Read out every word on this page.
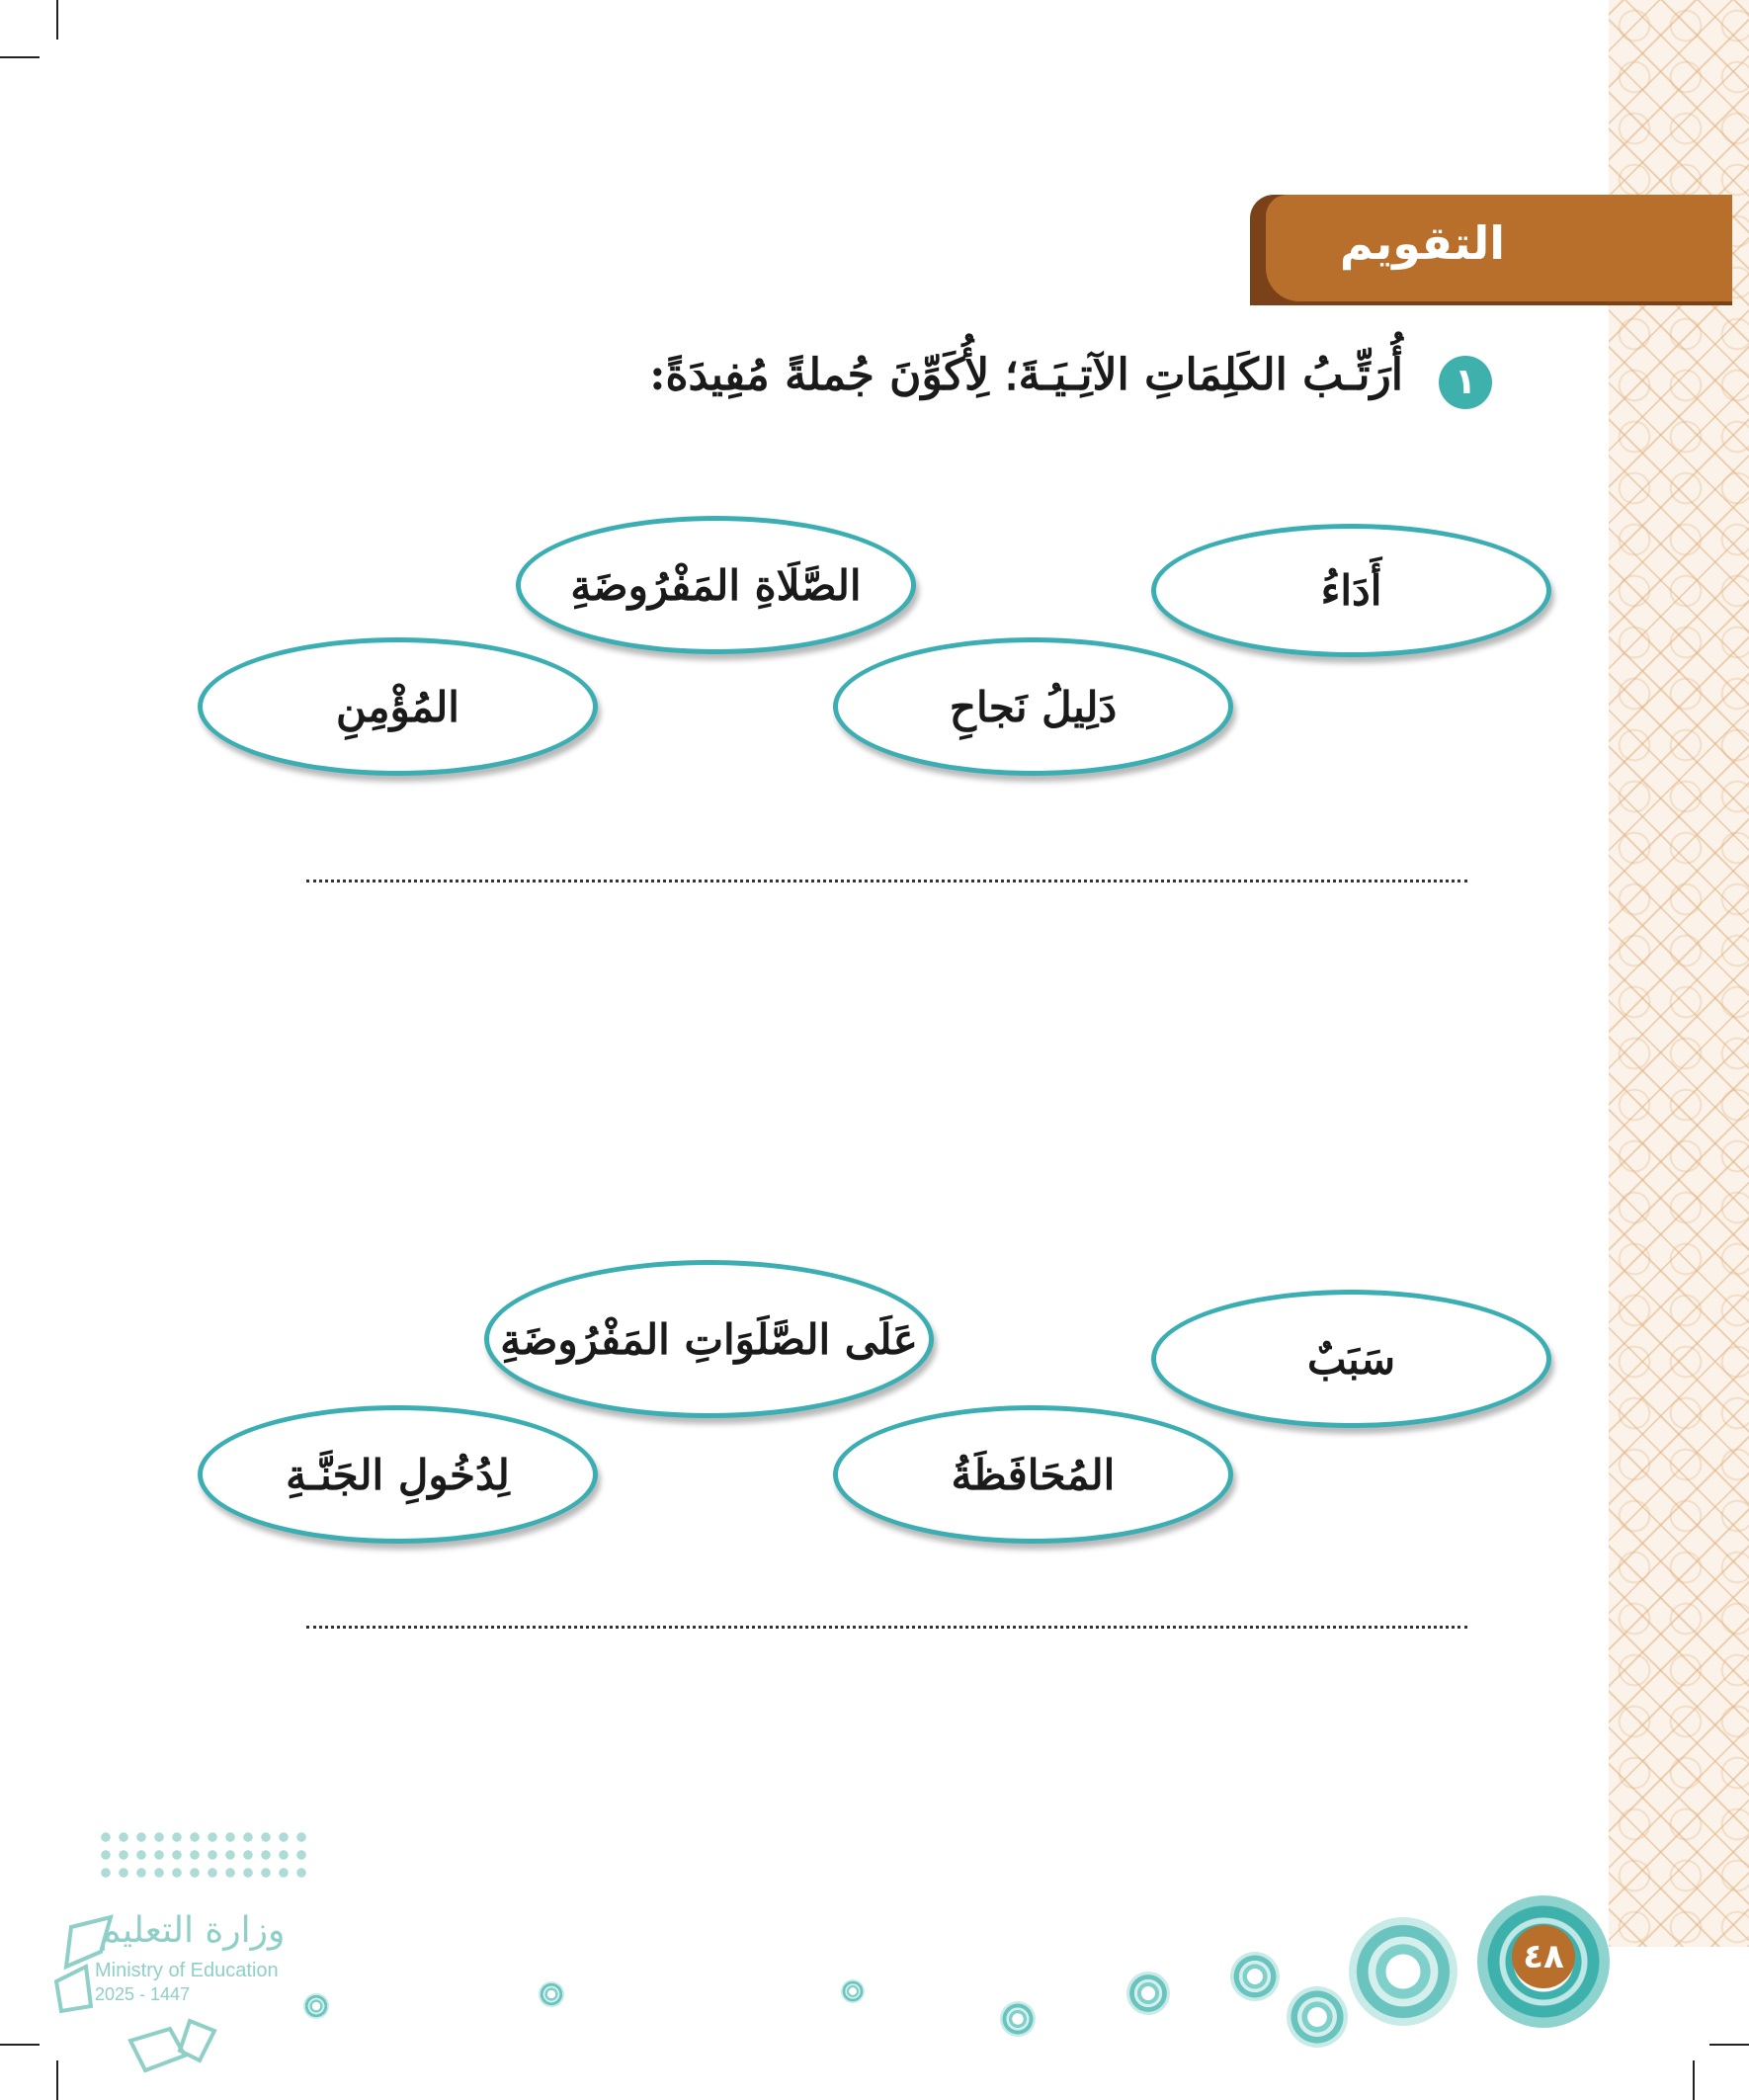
التقويم
١
أُرَتِّـبُ الكَلِمَاتِ الآتِـيَـةَ؛ لِأُكَوِّنَ جُملةً مُفِيدَةً:
أَدَاءُ
الصَّلَاةِ المَفْرُوضَةِ
دَلِيلُ نَجاحِ
المُؤْمِنِ
سَبَبٌ
عَلَى الصَّلَوَاتِ المَفْرُوضَةِ
المُحَافَظَةُ
لِدُخُولِ الجَنَّـةِ
٤٨
وزارة التعليم
Ministry of Education
2025 - 1447
